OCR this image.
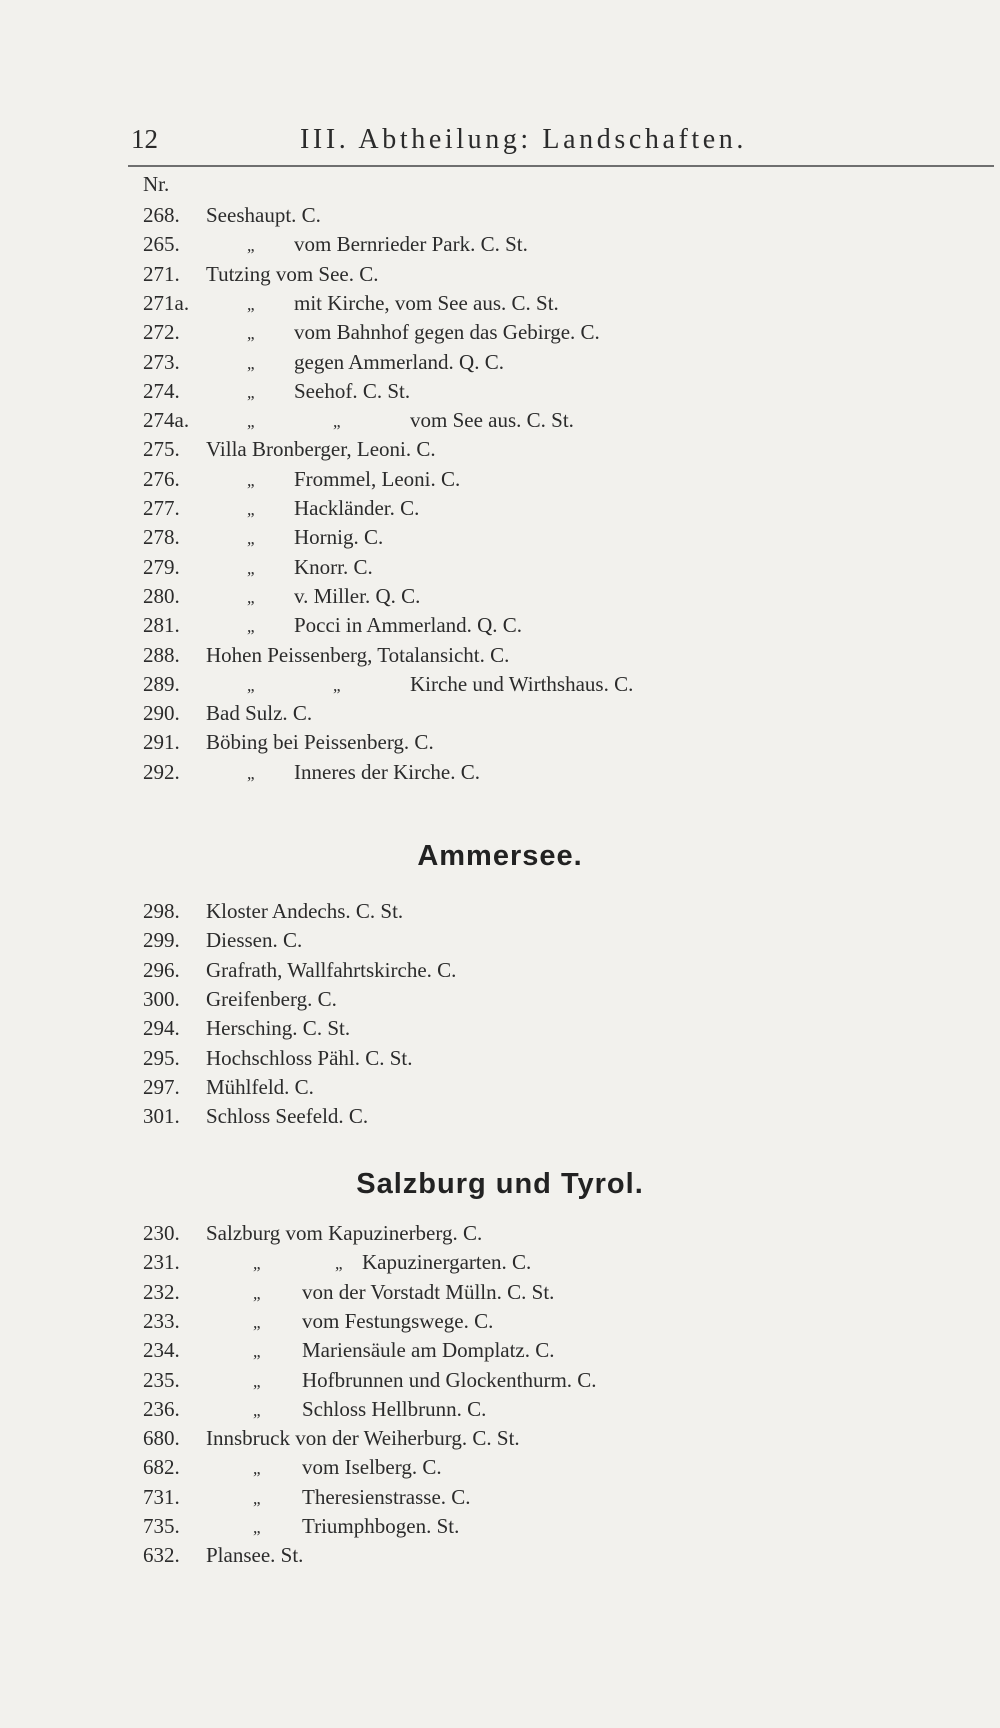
12	III. Abtheilung: Landschaften.
Nr.
268. Seeshaupt. C.
265.	„ vom Bernrieder Park. C. St.
271. Tutzing vom See. C.
271a.	„ mit Kirche, vom See aus. C. St.
272.	„ vom Bahnhof gegen das Gebirge. C.
273.	„ gegen Ammerland. Q. C.
274.	„ Seehof. C. St.
274a.	„	„	vom See aus. C. St.
275. Villa Bronberger, Leoni. C.
276.	„ Frommel, Leoni. C.
277.	„ Hackländer. C.
278.	„ Hornig. C.
279.	„ Knorr. C.
280.	„ v. Miller. Q. C.
281.	„ Pocci in Ammerland. Q. C.
288. Hohen Peissenberg, Totalansicht. C.
289.	„	„	Kirche und Wirthshaus. C.
290. Bad Sulz. C.
291. Böbing bei Peissenberg. C.
292.	„ Inneres der Kirche. C.
Ammersee.
298. Kloster Andechs. C. St.
299. Diessen. C.
296. Grafrath, Wallfahrtskirche. C.
300. Greifenberg. C.
294. Hersching. C. St.
295. Hochschloss Pähl. C. St.
297. Mühlfeld. C.
301. Schloss Seefeld. C.
Salzburg und Tyrol.
230. Salzburg vom Kapuzinerberg. C.
231.	„	„ Kapuzinergarten. C.
232.	„ von der Vorstadt Mülln. C. St.
233.	„ vom Festungswege. C.
234.	„ Mariensäule am Domplatz. C.
235.	„ Hofbrunnen und Glockenthurm. C.
236.	„ Schloss Hellbrunn. C.
680. Innsbruck von der Weiherburg. C. St.
682.	„ vom Iselberg. C.
731.	„ Theresienstrasse. C.
735.	„ Triumphbogen. St.
632. Plansee. St.
